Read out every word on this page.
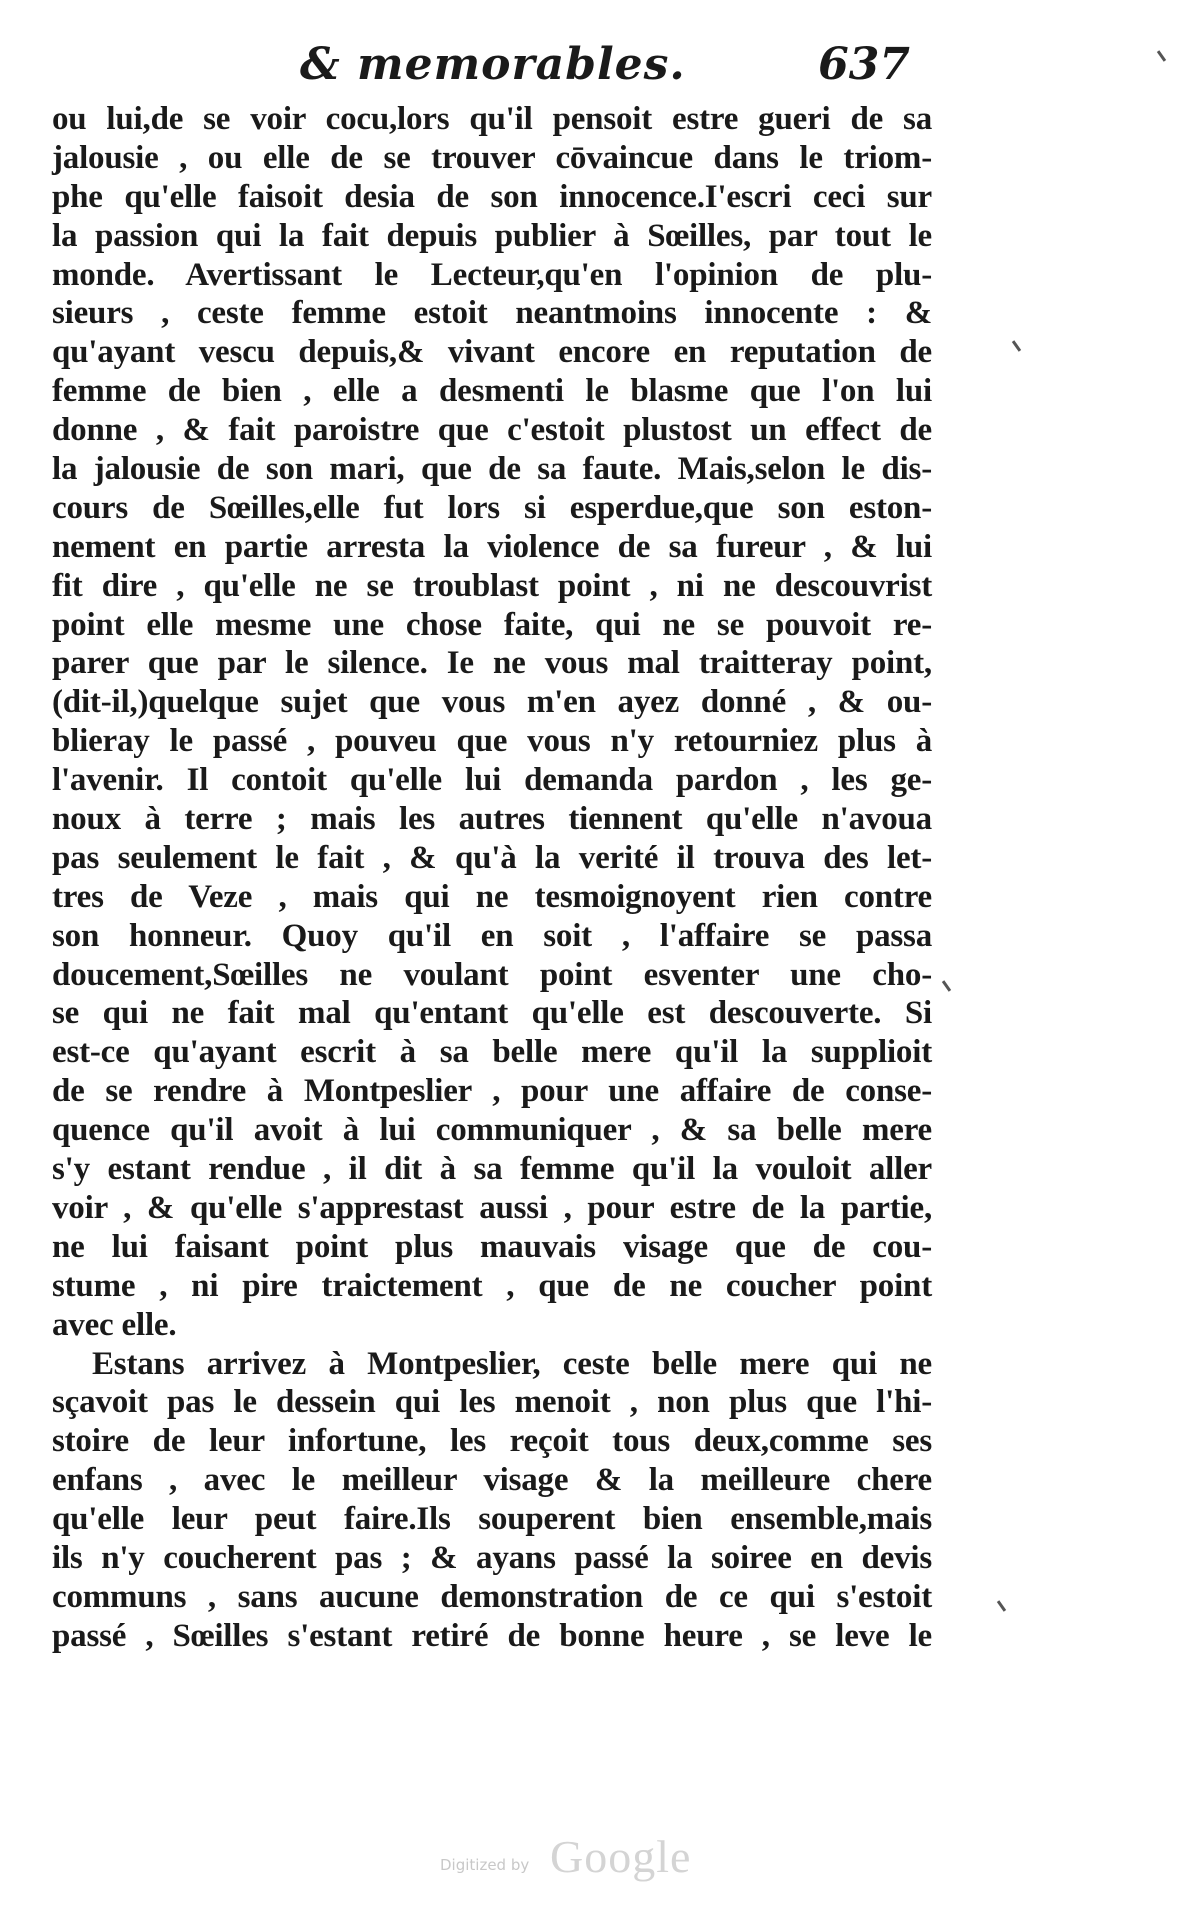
& memorables.	637
ou lui,de se voir cocu,lors qu'il pensoit estre gueri de sa
jalousie , ou elle de se trouver cōvaincue dans le triom-
phe qu'elle faisoit desia de son innocence.I'escri ceci sur
la passion qui la fait depuis publier à Sœilles, par tout le
monde. Avertissant le Lecteur,qu'en l'opinion de plu-
sieurs , ceste femme estoit neantmoins innocente : &
qu'ayant vescu depuis,& vivant encore en reputation de
femme de bien , elle a desmenti le blasme que l'on lui
donne , & fait paroistre que c'estoit plustost un effect de
la jalousie de son mari, que de sa faute. Mais,selon le dis-
cours de Sœilles,elle fut lors si esperdue,que son eston-
nement en partie arresta la violence de sa fureur , & lui
fit dire , qu'elle ne se troublast point , ni ne descouvrist
point elle mesme une chose faite, qui ne se pouvoit re-
parer que par le silence. Ie ne vous mal traitteray point,
(dit-il,)quelque sujet que vous m'en ayez donné , & ou-
blieray le passé , pouveu que vous n'y retourniez plus à
l'avenir. Il contoit qu'elle lui demanda pardon , les ge-
noux à terre ; mais les autres tiennent qu'elle n'avoua
pas seulement le fait , & qu'à la verité il trouva des let-
tres de Veze , mais qui ne tesmoignoyent rien contre
son honneur. Quoy qu'il en soit , l'affaire se passa
doucement,Sœilles ne voulant point esventer une cho-
se qui ne fait mal qu'entant qu'elle est descouverte. Si
est-ce qu'ayant escrit à sa belle mere qu'il la supplioit
de se rendre à Montpeslier , pour une affaire de conse-
quence qu'il avoit à lui communiquer , & sa belle mere
s'y estant rendue , il dit à sa femme qu'il la vouloit aller
voir , & qu'elle s'apprestast aussi , pour estre de la partie,
ne lui faisant point plus mauvais visage que de cou-
stume , ni pire traictement , que de ne coucher point
avec elle.
Estans arrivez à Montpeslier, ceste belle mere qui ne
sçavoit pas le dessein qui les menoit , non plus que l'hi-
stoire de leur infortune, les reçoit tous deux,comme ses
enfans , avec le meilleur visage & la meilleure chere
qu'elle leur peut faire.Ils souperent bien ensemble,mais
ils n'y coucherent pas ; & ayans passé la soiree en devis
communs , sans aucune demonstration de ce qui s'estoit
passé , Sœilles s'estant retiré de bonne heure , se leve le
Digitized by Google
